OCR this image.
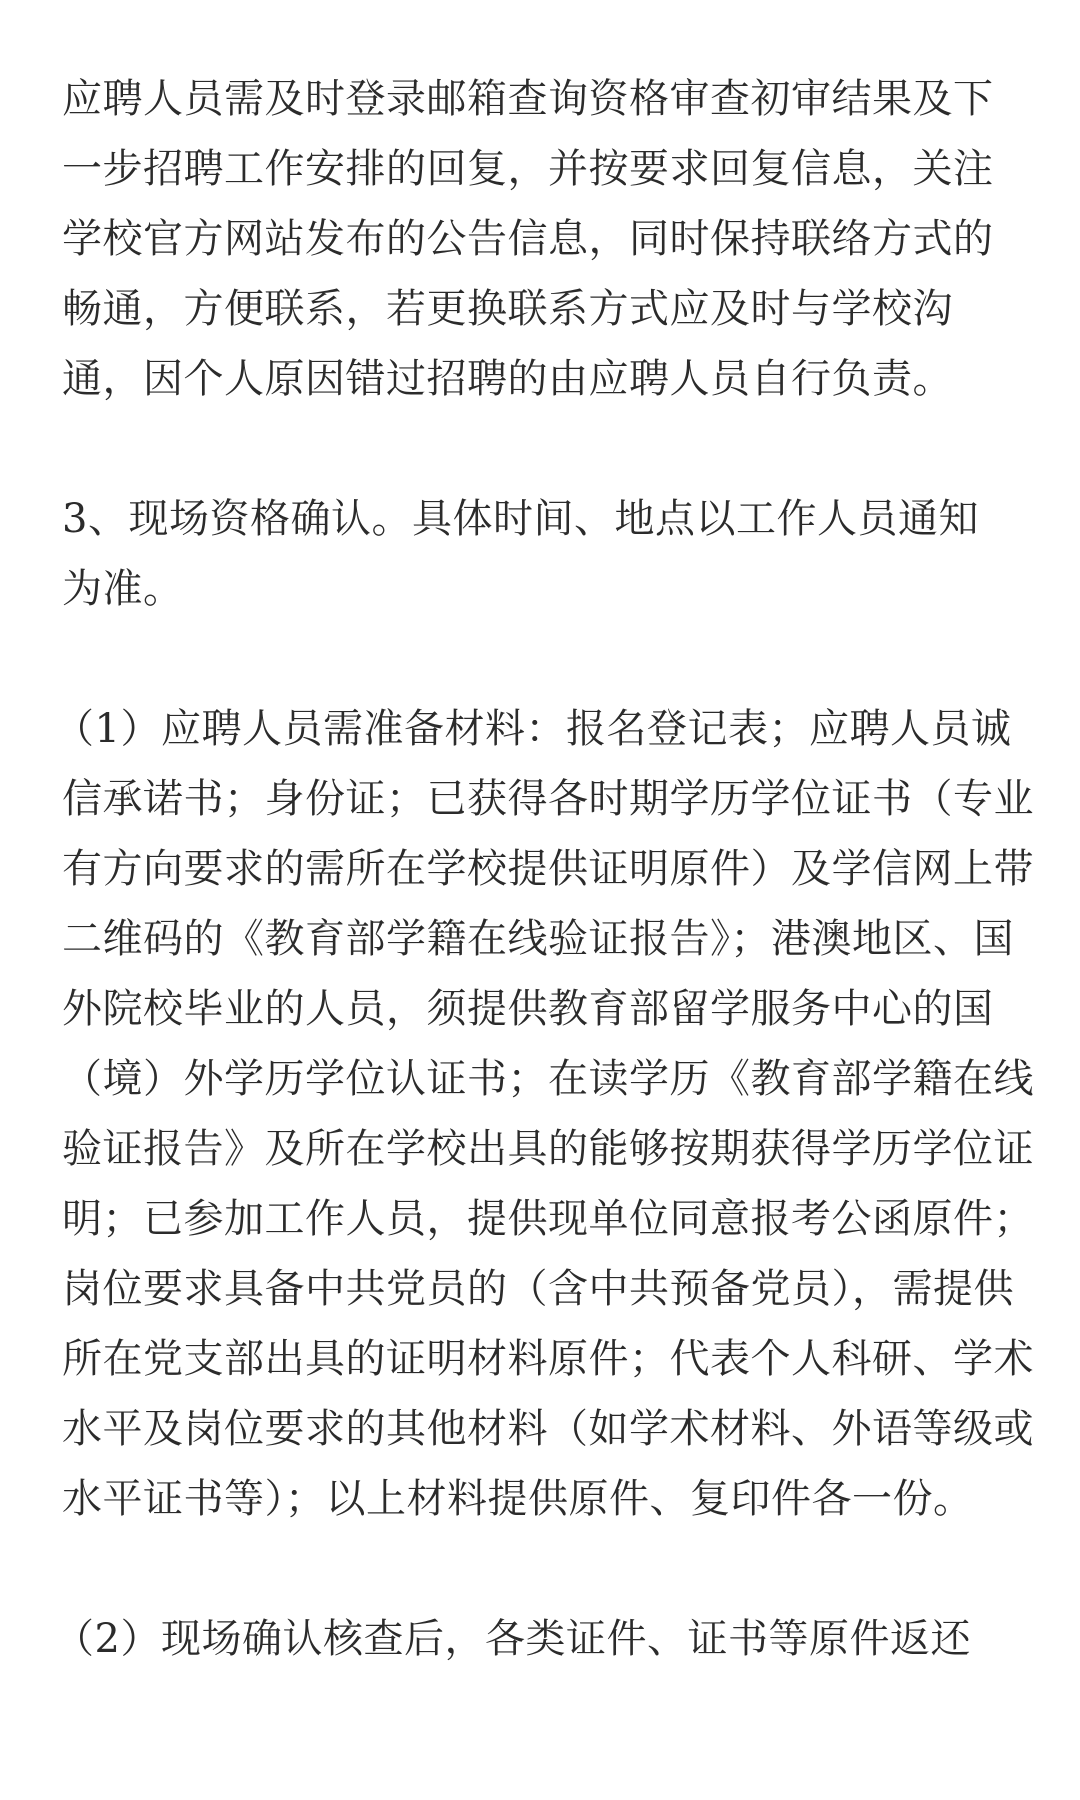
应聘人员需及时登录邮箱查询资格审查初审结果及下一步招聘工作安排的回复，并按要求回复信息，关注学校官方网站发布的公告信息，同时保持联络方式的畅通，方便联系，若更换联系方式应及时与学校沟通，因个人原因错过招聘的由应聘人员自行负责。

3、现场资格确认。具体时间、地点以工作人员通知为准。

（1）应聘人员需准备材料：报名登记表；应聘人员诚信承诺书；身份证；已获得各时期学历学位证书（专业有方向要求的需所在学校提供证明原件）及学信网上带二维码的《教育部学籍在线验证报告》；港澳地区、国外院校毕业的人员，须提供教育部留学服务中心的国（境）外学历学位认证书；在读学历《教育部学籍在线验证报告》及所在学校出具的能够按期获得学历学位证明；已参加工作人员，提供现单位同意报考公函原件；岗位要求具备中共党员的（含中共预备党员），需提供所在党支部出具的证明材料原件；代表个人科研、学术水平及岗位要求的其他材料（如学术材料、外语等级或水平证书等）；以上材料提供原件、复印件各一份。

（2）现场确认核查后，各类证件、证书等原件返还
